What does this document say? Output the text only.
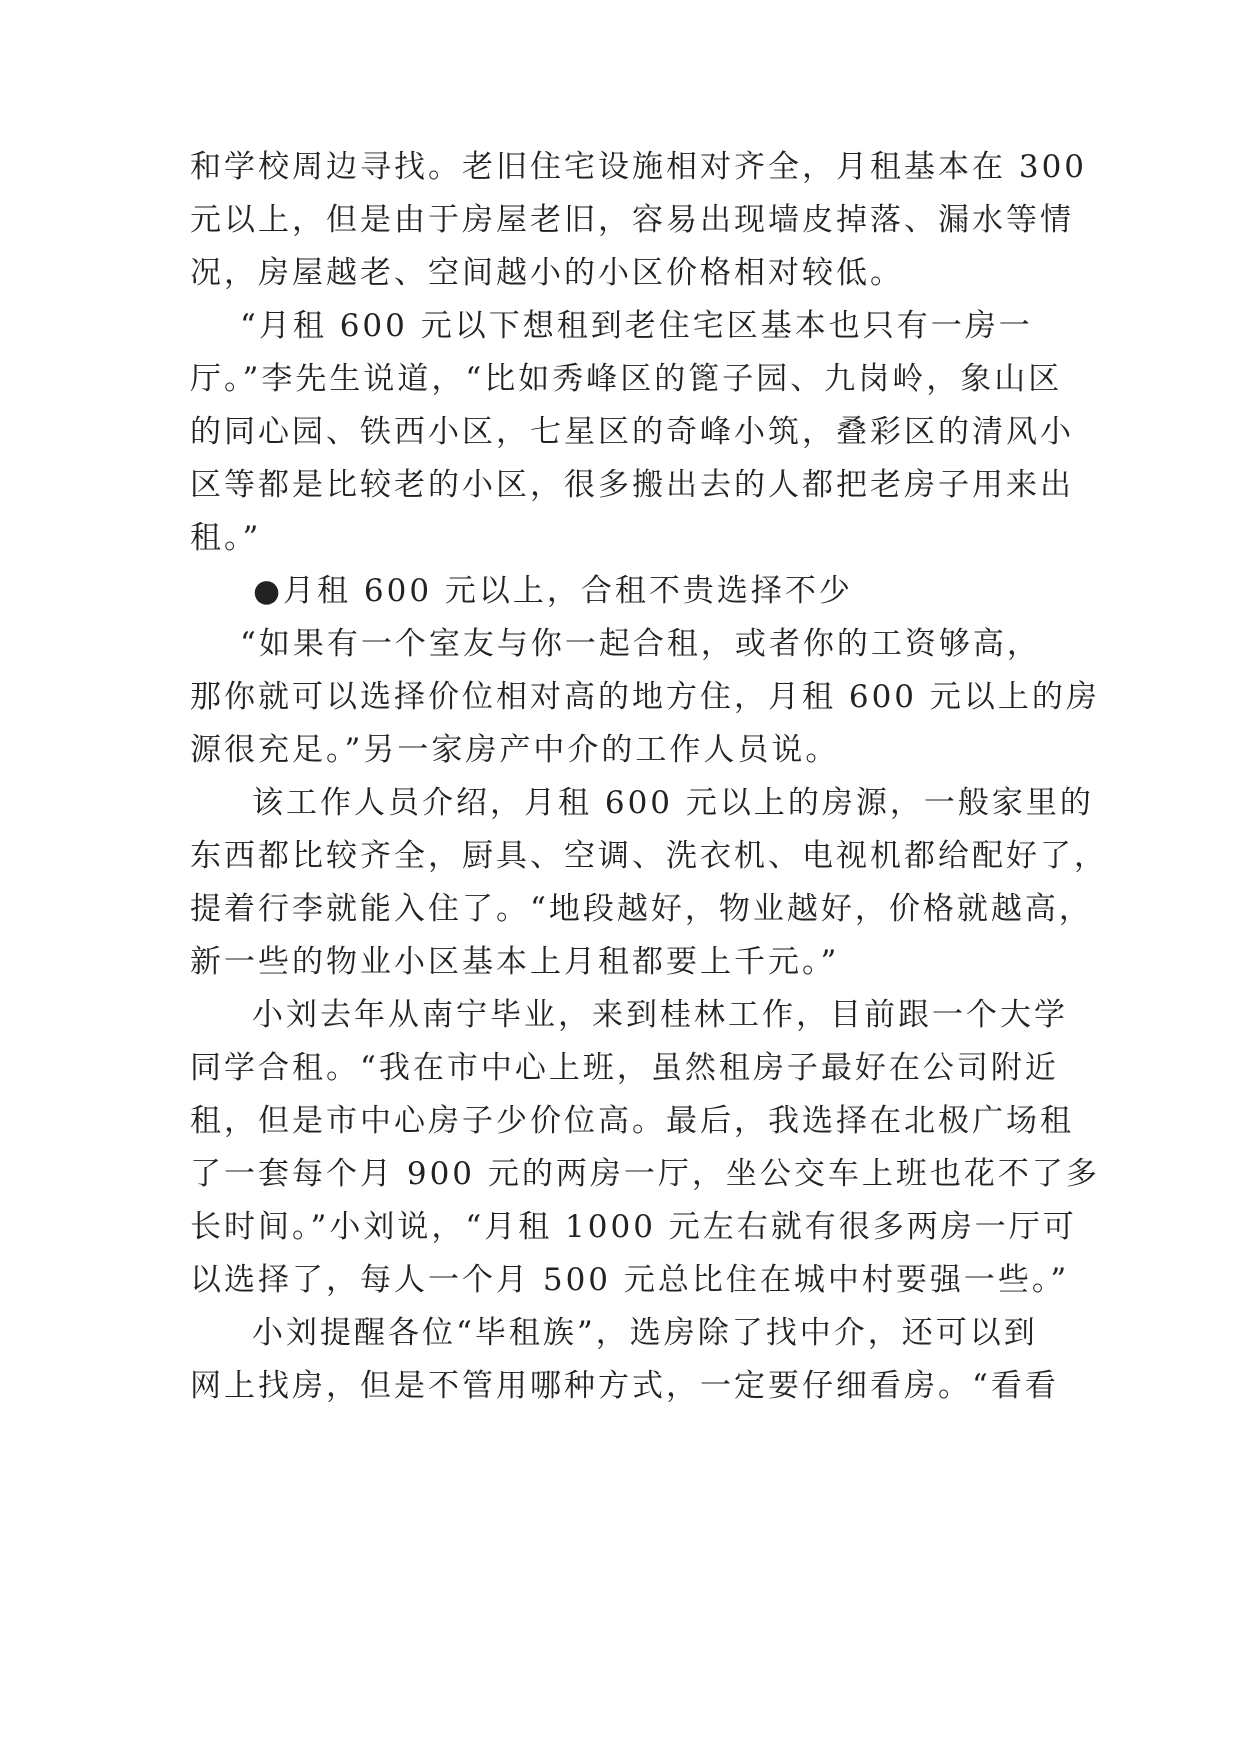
和学校周边寻找。老旧住宅设施相对齐全，月租基本在 300
元以上，但是由于房屋老旧，容易出现墙皮掉落、漏水等情
况，房屋越老、空间越小的小区价格相对较低。
“月租 600 元以下想租到老住宅区基本也只有一房一
厅。”李先生说道，“比如秀峰区的篦子园、九岗岭，象山区
的同心园、铁西小区，七星区的奇峰小筑，叠彩区的清风小
区等都是比较老的小区，很多搬出去的人都把老房子用来出
租。”
●月租 600 元以上，合租不贵选择不少
“如果有一个室友与你一起合租，或者你的工资够高，
那你就可以选择价位相对高的地方住，月租 600 元以上的房
源很充足。”另一家房产中介的工作人员说。
该工作人员介绍，月租 600 元以上的房源，一般家里的
东西都比较齐全，厨具、空调、洗衣机、电视机都给配好了，
提着行李就能入住了。“地段越好，物业越好，价格就越高，
新一些的物业小区基本上月租都要上千元。”
小刘去年从南宁毕业，来到桂林工作，目前跟一个大学
同学合租。“我在市中心上班，虽然租房子最好在公司附近
租，但是市中心房子少价位高。最后，我选择在北极广场租
了一套每个月 900 元的两房一厅，坐公交车上班也花不了多
长时间。”小刘说，“月租 1000 元左右就有很多两房一厅可
以选择了，每人一个月 500 元总比住在城中村要强一些。”
小刘提醒各位“毕租族”，选房除了找中介，还可以到
网上找房，但是不管用哪种方式，一定要仔细看房。“看看
